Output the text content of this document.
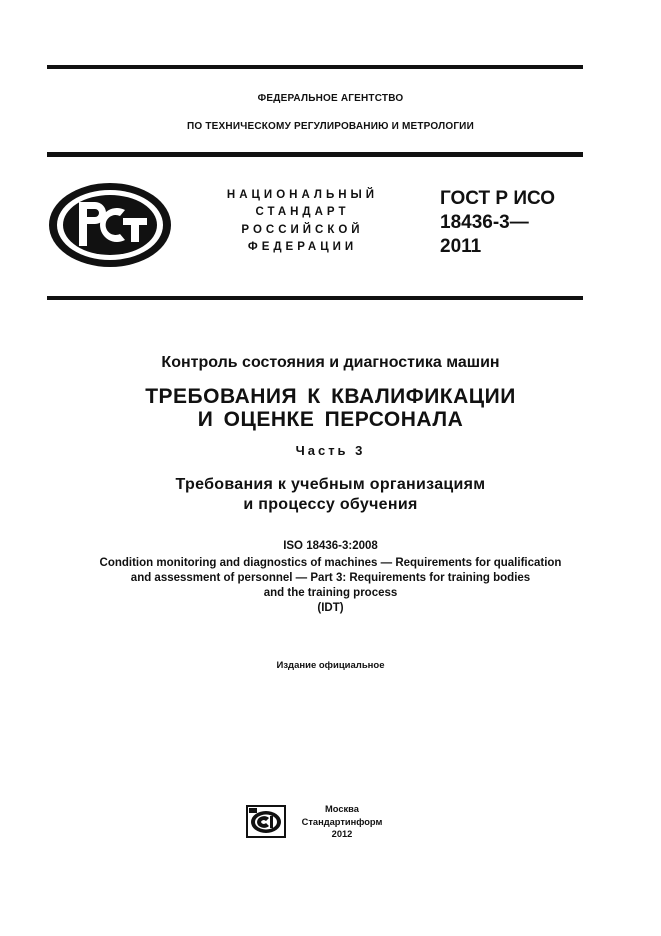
ФЕДЕРАЛЬНОЕ АГЕНТСТВО
ПО ТЕХНИЧЕСКОМУ РЕГУЛИРОВАНИЮ И МЕТРОЛОГИИ
НАЦИОНАЛЬНЫЙ
СТАНДАРТ
РОССИЙСКОЙ
ФЕДЕРАЦИИ
ГОСТ Р ИСО
18436-3—
2011
Контроль состояния и диагностика машин
ТРЕБОВАНИЯ К КВАЛИФИКАЦИИ
И ОЦЕНКЕ ПЕРСОНАЛА
Часть 3
Требования к учебным организациям
и процессу обучения
ISO 18436-3:2008
Condition monitoring and diagnostics of machines — Requirements for qualification
and assessment of personnel — Part 3: Requirements for training bodies
and the training process
(IDT)
Издание официальное
Москва
Стандартинформ
2012
